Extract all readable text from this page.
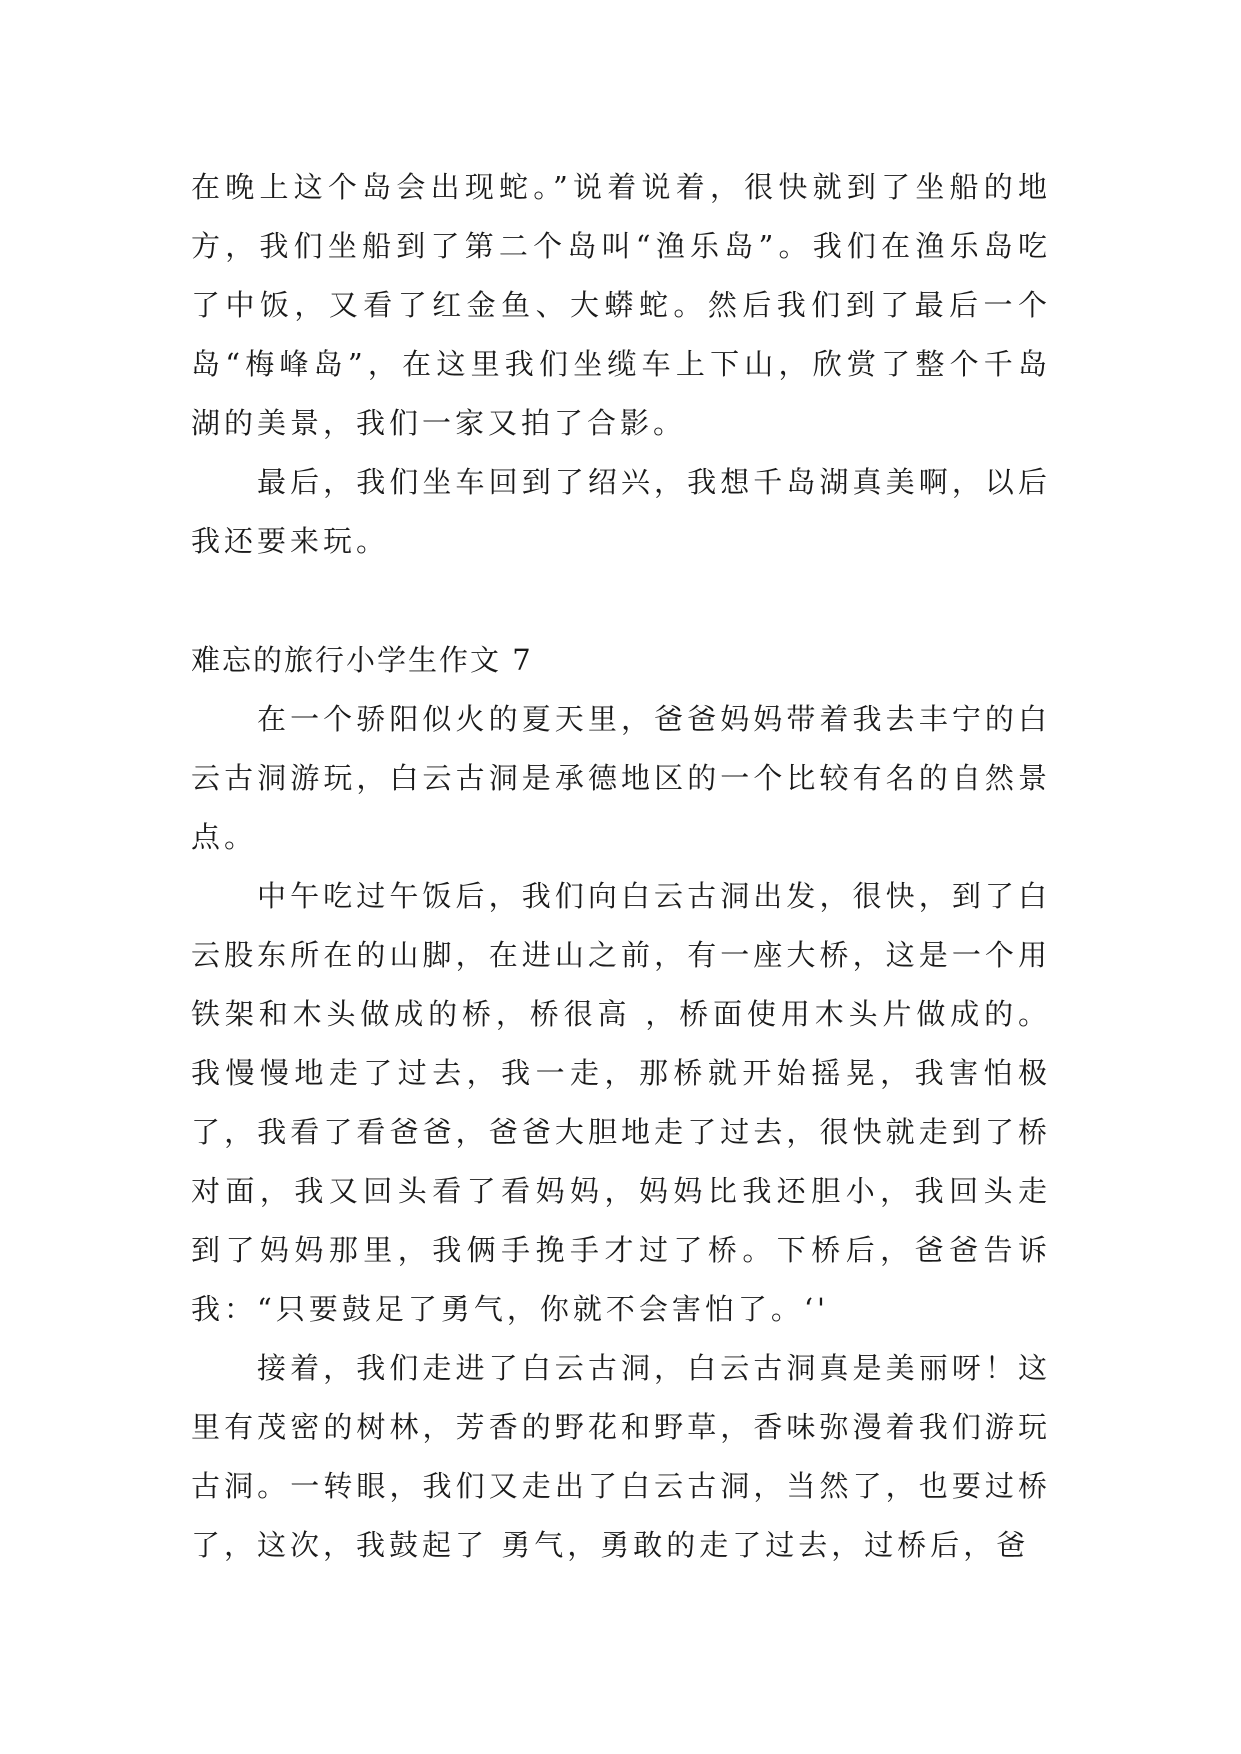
在晚上这个岛会出现蛇。”说着说着，很快就到了坐船的地方，我们坐船到了第二个岛叫“渔乐岛”。我们在渔乐岛吃了中饭，又看了红金鱼、大蟒蛇。然后我们到了最后一个岛“梅峰岛”，在这里我们坐缆车上下山，欣赏了整个千岛湖的美景，我们一家又拍了合影。

最后，我们坐车回到了绍兴，我想千岛湖真美啊，以后我还要来玩。

难忘的旅行小学生作文 7

在一个骄阳似火的夏天里，爸爸妈妈带着我去丰宁的白云古洞游玩，白云古洞是承德地区的一个比较有名的自然景点。

中午吃过午饭后，我们向白云古洞出发，很快，到了白云股东所在的山脚，在进山之前，有一座大桥，这是一个用铁架和木头做成的桥，桥很高 ，桥面使用木头片做成的。我慢慢地走了过去，我一走，那桥就开始摇晃，我害怕极了，我看了看爸爸，爸爸大胆地走了过去，很快就走到了桥对面，我又回头看了看妈妈，妈妈比我还胆小，我回头走 到了妈妈那里，我俩手挽手才过了桥。下桥后，爸爸告诉我：“只要鼓足了勇气，你就不会害怕了。‘'

接着，我们走进了白云古洞，白云古洞真是美丽呀！这里有茂密的树林，芳香的野花和野草，香味弥漫着我们游玩古洞。一转眼，我们又走出了白云古洞，当然了，也要过桥了，这次，我鼓起了 勇气，勇敢的走了过去，过桥后，爸
